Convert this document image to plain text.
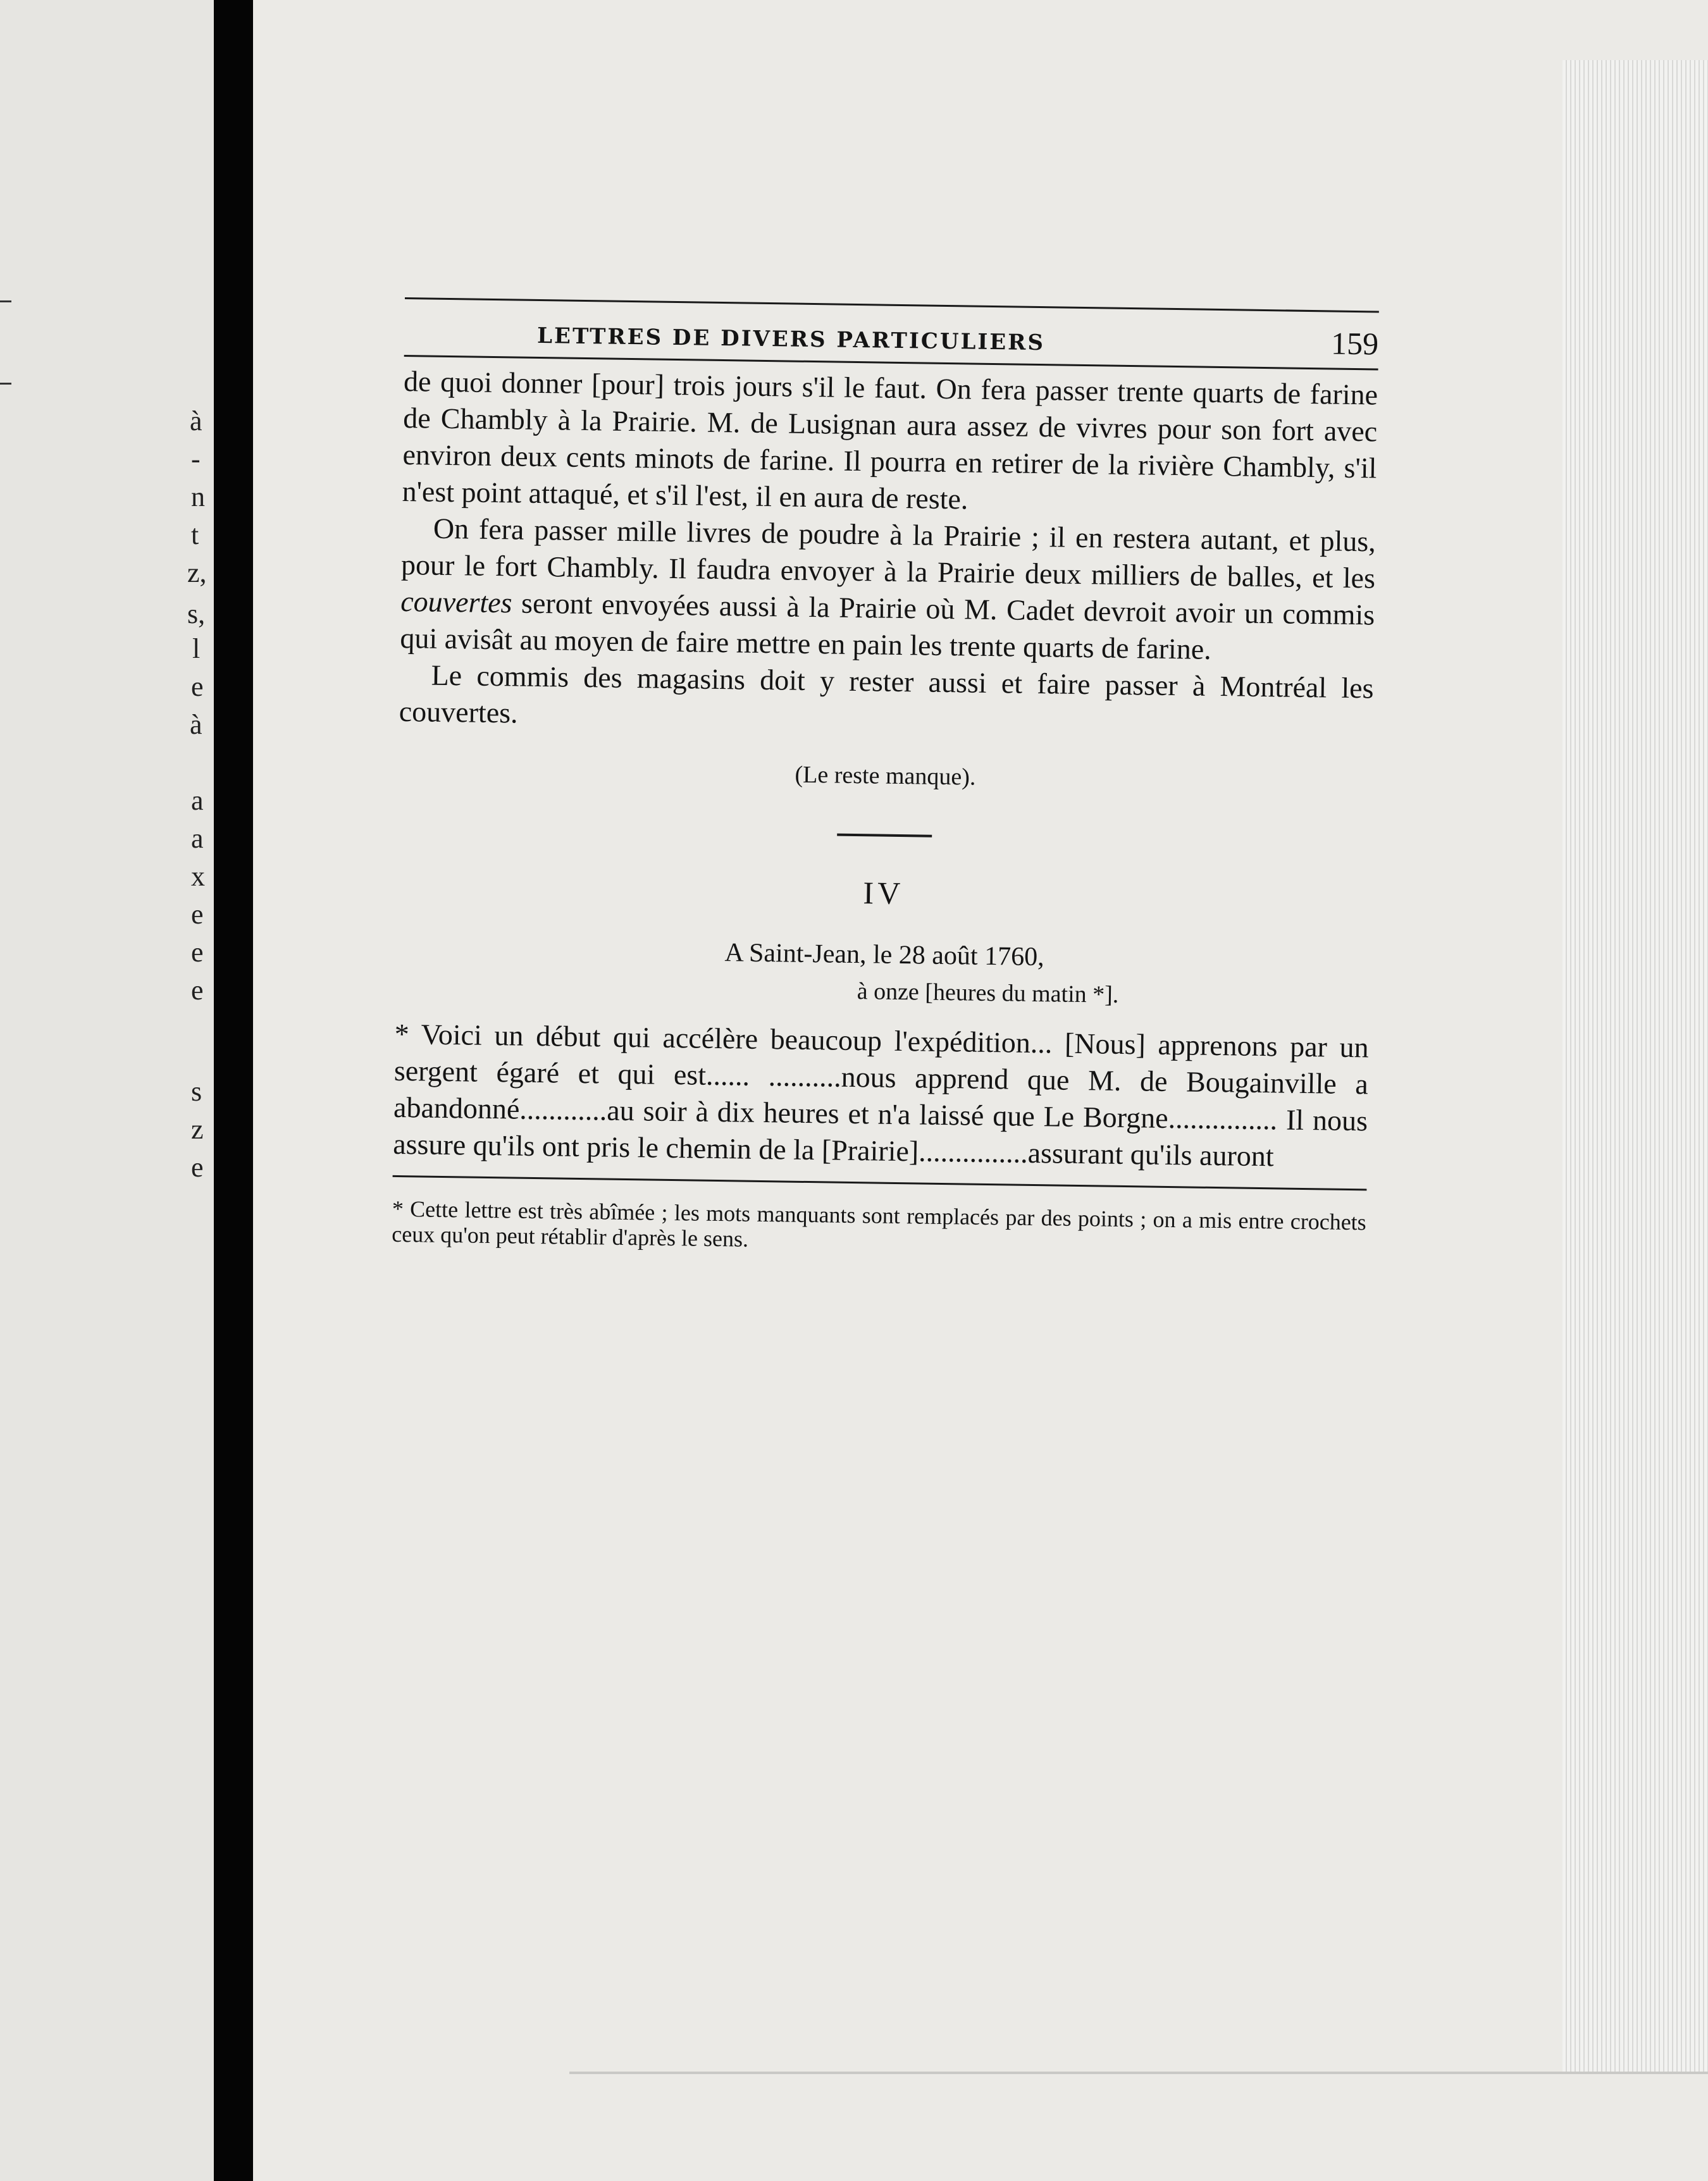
à
-
n
t
z,
s,
l
e
à
a
a
x
e
e
e
s
z
e
LETTRES DE DIVERS PARTICULIERS	159

de quoi donner [pour] trois jours s'il le faut. On fera passer trente quarts de farine de Chambly à la Prairie. M. de Lusignan aura assez de vivres pour son fort avec environ deux cents minots de farine. Il pourra en retirer de la rivière Chambly, s'il n'est point attaqué, et s'il l'est, il en aura de reste.

On fera passer mille livres de poudre à la Prairie ; il en restera autant, et plus, pour le fort Chambly. Il faudra envoyer à la Prairie deux milliers de balles, et les couvertes seront envoyées aussi à la Prairie où M. Cadet devroit avoir un commis qui avisât au moyen de faire mettre en pain les trente quarts de farine.

Le commis des magasins doit y rester aussi et faire passer à Montréal les couvertes.

(Le reste manque).
IV
A Saint-Jean, le 28 août 1760,
à onze [heures du matin *].

* Voici un début qui accélère beaucoup l'expédition... [Nous] apprenons par un sergent égaré et qui est...... ..........nous apprend que M. de Bougainville a abandonné............au soir à dix heures et n'a laissé que Le Borgne............... Il nous assure qu'ils ont pris le chemin de la [Prairie]...............assurant qu'ils auront

* Cette lettre est très abîmée ; les mots manquants sont remplacés par des points ; on a mis entre crochets ceux qu'on peut rétablir d'après le sens.
